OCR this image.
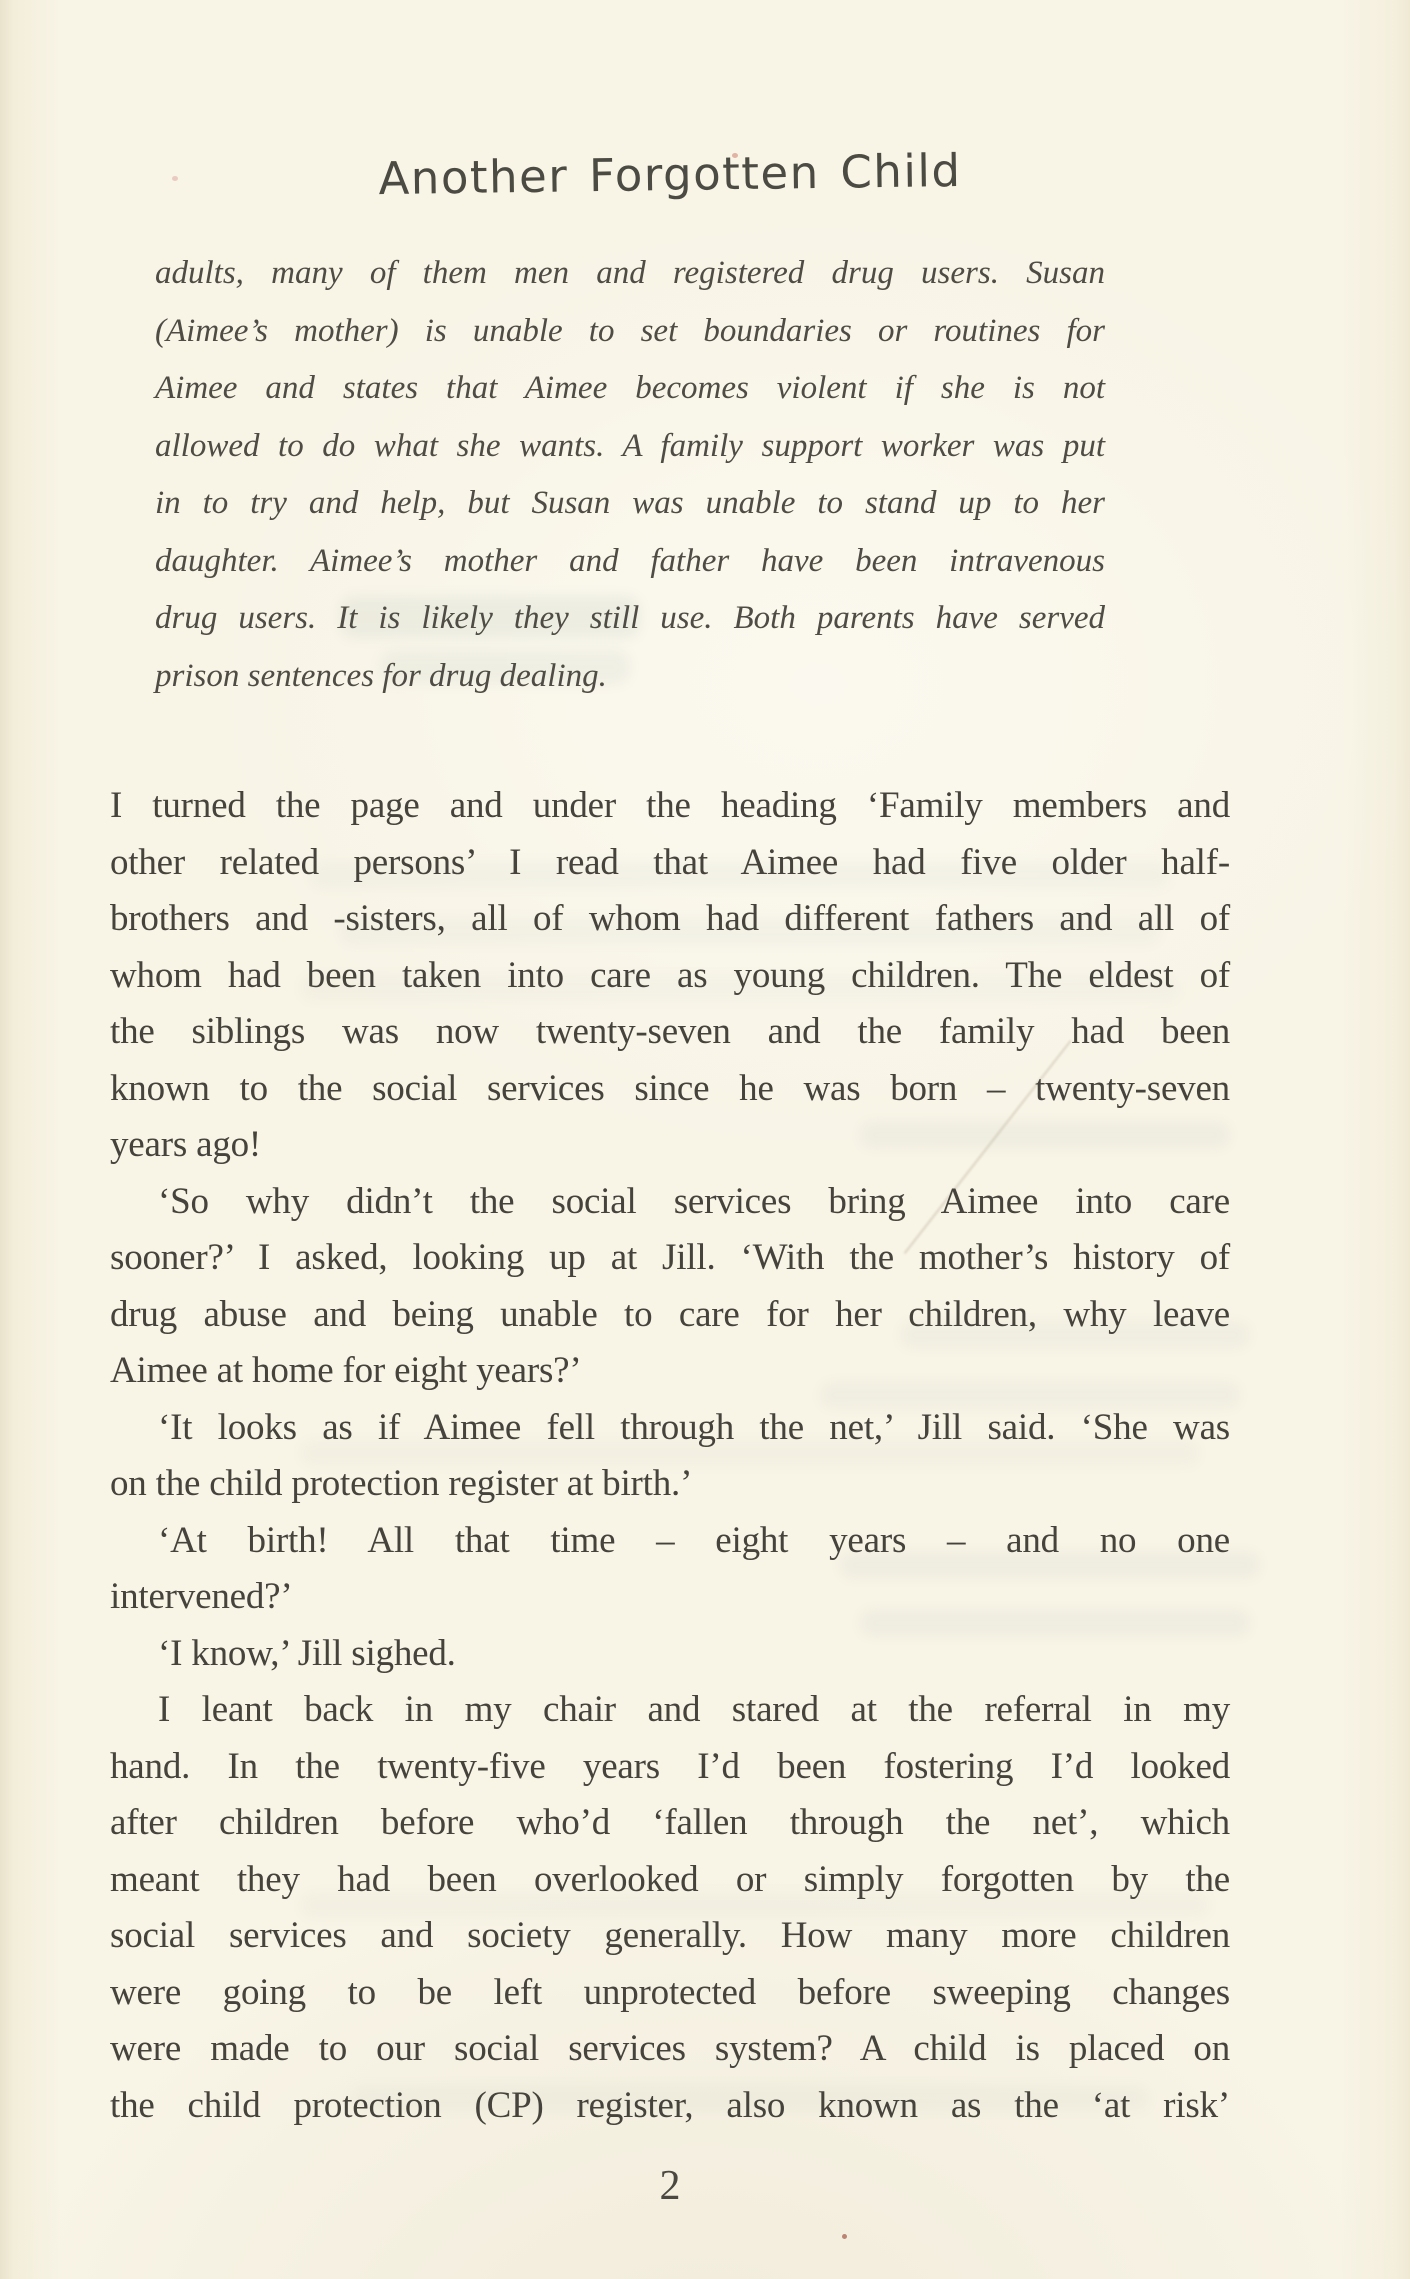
Another Forgotten Child
adults, many of them men and registered drug users. Susan
(Aimee’s mother) is unable to set boundaries or routines for
Aimee and states that Aimee becomes violent if she is not
allowed to do what she wants. A family support worker was put
in to try and help, but Susan was unable to stand up to her
daughter. Aimee’s mother and father have been intravenous
drug users. It is likely they still use. Both parents have served
prison sentences for drug dealing.
I turned the page and under the heading ‘Family members and
other related persons’ I read that Aimee had five older half-
brothers and -sisters, all of whom had different fathers and all of
whom had been taken into care as young children. The eldest of
the siblings was now twenty-seven and the family had been
known to the social services since he was born – twenty-seven
years ago!
‘So why didn’t the social services bring Aimee into care
sooner?’ I asked, looking up at Jill. ‘With the mother’s history of
drug abuse and being unable to care for her children, why leave
Aimee at home for eight years?’
‘It looks as if Aimee fell through the net,’ Jill said. ‘She was
on the child protection register at birth.’
‘At birth! All that time – eight years – and no one
intervened?’
‘I know,’ Jill sighed.
I leant back in my chair and stared at the referral in my
hand. In the twenty-five years I’d been fostering I’d looked
after children before who’d ‘fallen through the net’, which
meant they had been overlooked or simply forgotten by the
social services and society generally. How many more children
were going to be left unprotected before sweeping changes
were made to our social services system? A child is placed on
the child protection (CP) register, also known as the ‘at risk’
2
